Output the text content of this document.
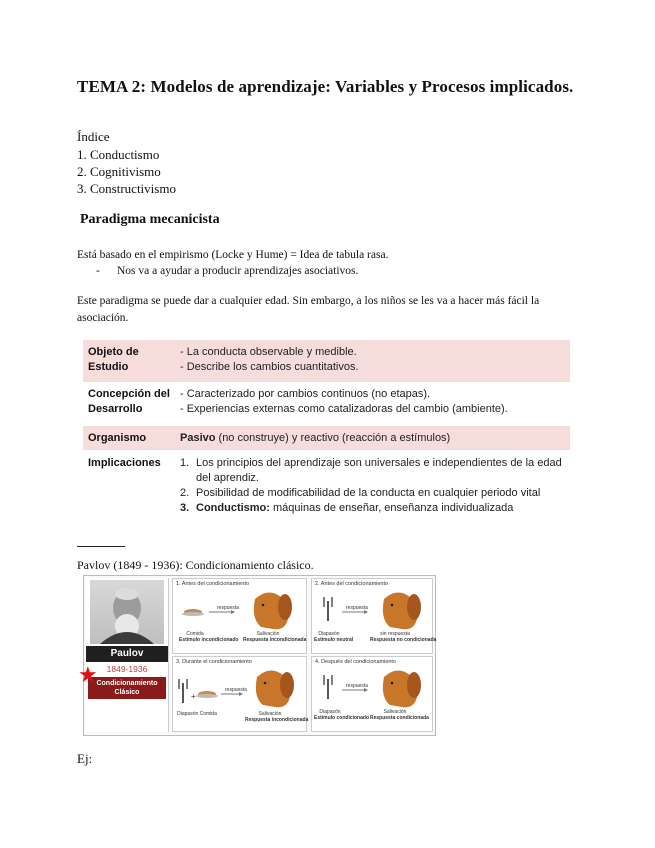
TEMA 2: Modelos de aprendizaje: Variables y Procesos implicados.
Índice
1. Conductismo
2. Cognitivismo
3. Constructivismo
Paradigma mecanicista
Está basado en el empirismo (Locke y Hume) = Idea de tabula rasa.
- Nos va a ayudar a producir aprendizajes asociativos.
Este paradigma se puede dar a cualquier edad. Sin embargo, a los niños se les va a hacer más fácil la
asociación.
Objeto de
Estudio
- La conducta observable y medible.
- Describe los cambios cuantitativos.
Concepción del
Desarrollo
- Caracterizado por cambios continuos (no etapas).
- Experiencias externas como catalizadoras del cambio (ambiente).
Organismo	Pasivo (no construye) y reactivo (reacción a estímulos)
Implicaciones 1. Los principios del aprendizaje son universales e independientes de la edad
del aprendiz.
2. Posibilidad de modificabilidad de la conducta en cualquier periodo vital
3. Conductismo: máquinas de enseñar, enseñanza individualizada
Pavlov (1849 - 1936): Condicionamiento clásico.
Paulov
1849-1936
Condicionamiento Clásico
★
1. Antes del condicionamiento
respuesta
Comida
Estímulo incondicionado
Salivación
Respuesta incondicionada
2. Antes del condicionamiento
respuesta
Diapasón
Estímulo neutral
sin respuesta
Respuesta no condicionada
3. Durante el condicionamiento
+
respuesta
Diapasón Comida	Salivación
Respuesta incondicionada
4. Después del condicionamiento
respuesta
Diapasón
Estímulo condicionado
Salivación
Respuesta condicionada
Ej:
